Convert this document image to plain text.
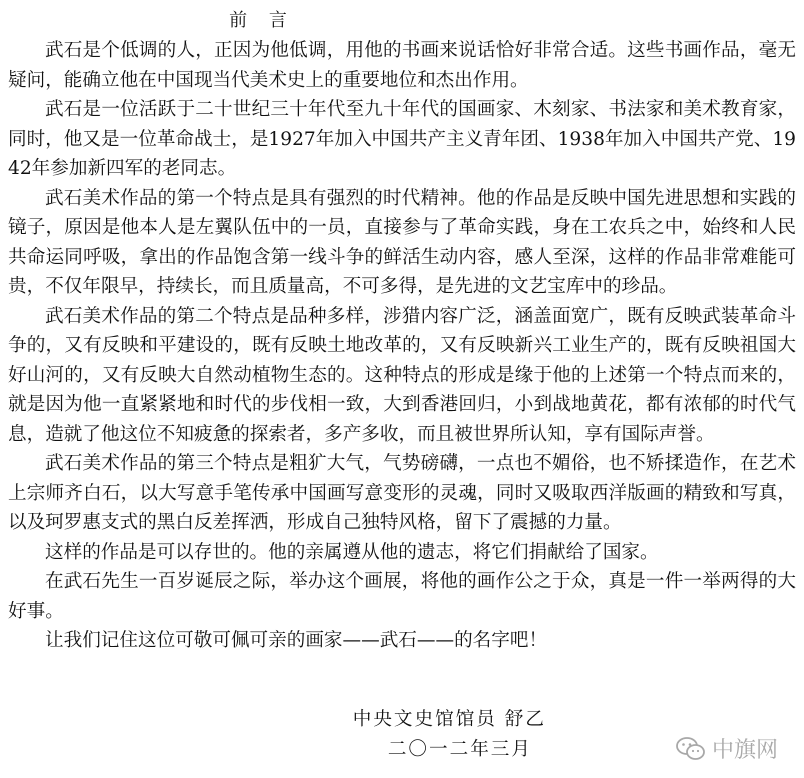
前 言

武石是个低调的人，正因为他低调，用他的书画来说话恰好非常合适。这些书画作品，毫无疑问，能确立他在中国现当代美术史上的重要地位和杰出作用。

武石是一位活跃于二十世纪三十年代至九十年代的国画家、木刻家、书法家和美术教育家，同时，他又是一位革命战士，是1927年加入中国共产主义青年团、1938年加入中国共产党、1942年参加新四军的老同志。

武石美术作品的第一个特点是具有强烈的时代精神。他的作品是反映中国先进思想和实践的镜子，原因是他本人是左翼队伍中的一员，直接参与了革命实践，身在工农兵之中，始终和人民共命运同呼吸，拿出的作品饱含第一线斗争的鲜活生动内容，感人至深，这样的作品非常难能可贵，不仅年限早，持续长，而且质量高，不可多得，是先进的文艺宝库中的珍品。

武石美术作品的第二个特点是品种多样，涉猎内容广泛，涵盖面宽广，既有反映武装革命斗争的，又有反映和平建设的，既有反映土地改革的，又有反映新兴工业生产的，既有反映祖国大好山河的，又有反映大自然动植物生态的。这种特点的形成是缘于他的上述第一个特点而来的，就是因为他一直紧紧地和时代的步伐相一致，大到香港回归，小到战地黄花，都有浓郁的时代气息，造就了他这位不知疲惫的探索者，多产多收，而且被世界所认知，享有国际声誉。

武石美术作品的第三个特点是粗犷大气，气势磅礴，一点也不媚俗，也不矫揉造作，在艺术上宗师齐白石，以大写意手笔传承中国画写意变形的灵魂，同时又吸取西洋版画的精致和写真，以及珂罗惠支式的黑白反差挥洒，形成自己独特风格，留下了震撼的力量。

这样的作品是可以存世的。他的亲属遵从他的遗志，将它们捐献给了国家。

在武石先生一百岁诞辰之际，举办这个画展，将他的画作公之于众，真是一件一举两得的大好事。

让我们记住这位可敬可佩可亲的画家——武石——的名字吧！

中央文史馆馆员 舒乙
二〇一二年三月	中旗网
